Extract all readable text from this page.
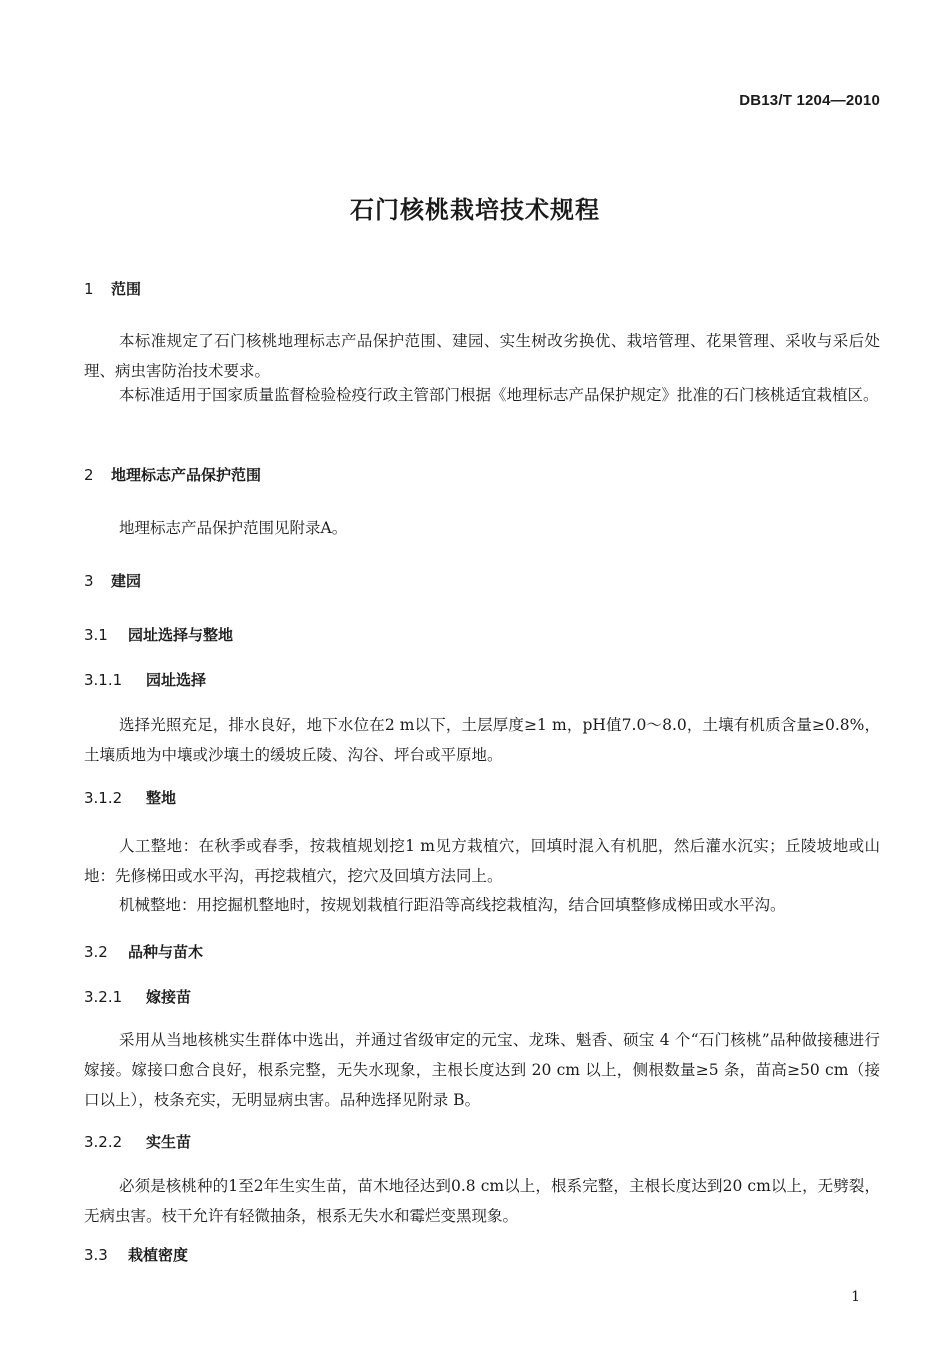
DB13/T 1204—2010
石门核桃栽培技术规程
1 范围
本标准规定了石门核桃地理标志产品保护范围、建园、实生树改劣换优、栽培管理、花果管理、采收与采后处理、病虫害防治技术要求。
本标准适用于国家质量监督检验检疫行政主管部门根据《地理标志产品保护规定》批准的石门核桃适宜栽植区。
2 地理标志产品保护范围
地理标志产品保护范围见附录A。
3 建园
3.1 园址选择与整地
3.1.1 园址选择
选择光照充足，排水良好，地下水位在2 m以下，土层厚度≥1 m，pH值7.0～8.0，土壤有机质含量≥0.8%，土壤质地为中壤或沙壤土的缓坡丘陵、沟谷、坪台或平原地。
3.1.2 整地
人工整地：在秋季或春季，按栽植规划挖1 m见方栽植穴，回填时混入有机肥，然后灌水沉实；丘陵坡地或山地：先修梯田或水平沟，再挖栽植穴，挖穴及回填方法同上。
机械整地：用挖掘机整地时，按规划栽植行距沿等高线挖栽植沟，结合回填整修成梯田或水平沟。
3.2 品种与苗木
3.2.1 嫁接苗
采用从当地核桃实生群体中选出，并通过省级审定的元宝、龙珠、魁香、硕宝 4 个“石门核桃”品种做接穗进行嫁接。嫁接口愈合良好，根系完整，无失水现象，主根长度达到 20 cm 以上，侧根数量≥5 条，苗高≥50 cm（接口以上），枝条充实，无明显病虫害。品种选择见附录 B。
3.2.2 实生苗
必须是核桃种的1至2年生实生苗，苗木地径达到0.8 cm以上，根系完整，主根长度达到20 cm以上，无劈裂，无病虫害。枝干允许有轻微抽条，根系无失水和霉烂变黑现象。
3.3 栽植密度
1
